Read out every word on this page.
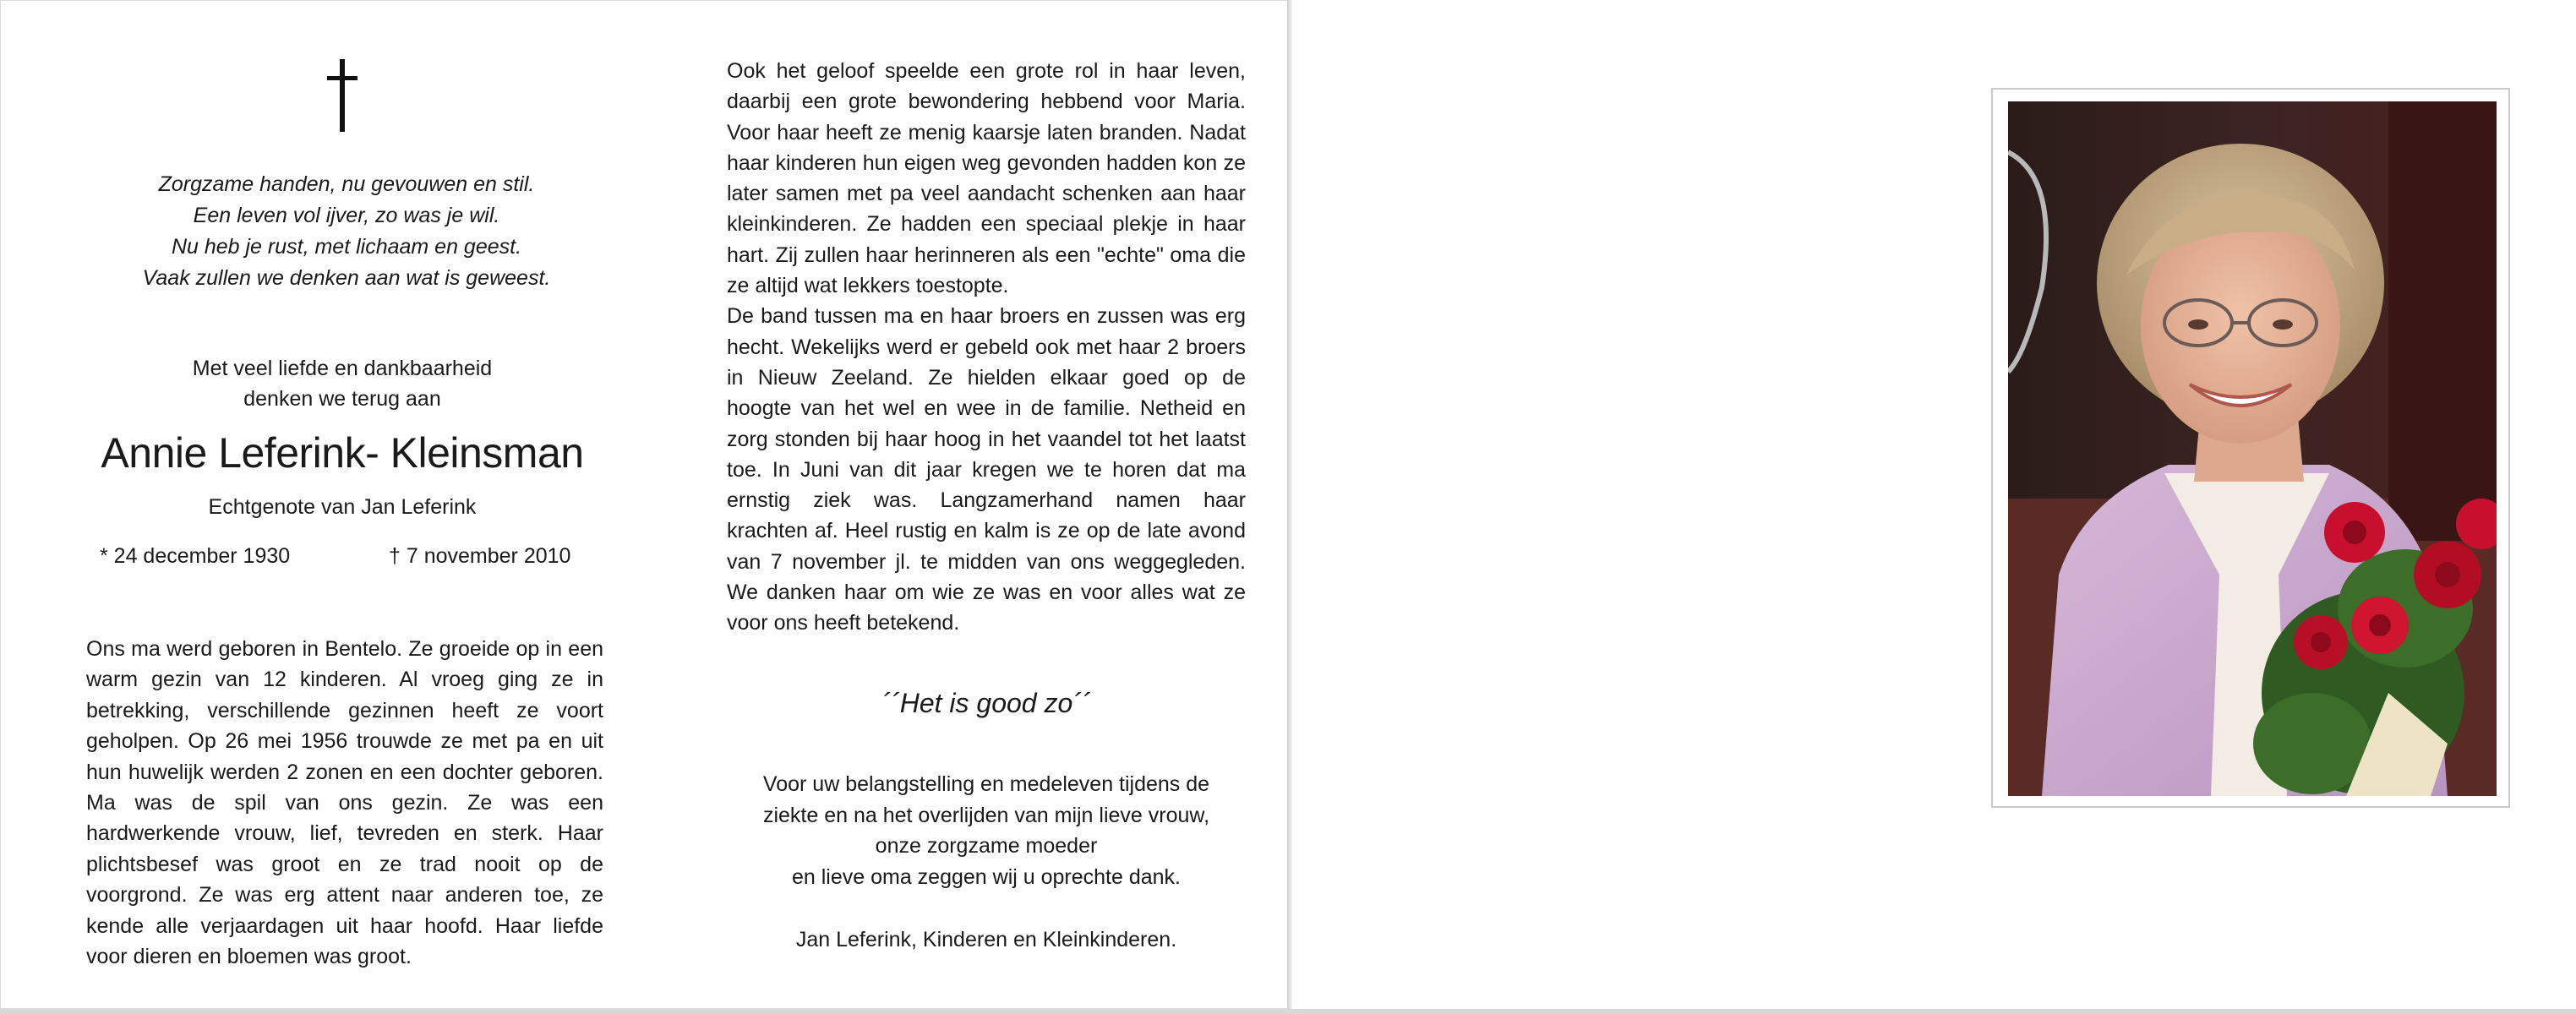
Zorgzame handen, nu gevouwen en stil.
Een leven vol ijver, zo was je wil.
Nu heb je rust, met lichaam en geest.
Vaak zullen we denken aan wat is geweest.
Met veel liefde en dankbaarheid
denken we terug aan
Annie Leferink- Kleinsman
Echtgenote van Jan Leferink
* 24 december 1930	† 7 november 2010
Ons ma werd geboren in Bentelo. Ze groeide op in een warm gezin van 12 kinderen. Al vroeg ging ze in betrekking, verschillende gezinnen heeft ze voort geholpen. Op 26 mei 1956 trouwde ze met pa en uit hun huwelijk werden 2 zonen en een dochter geboren. Ma was de spil van ons gezin. Ze was een hardwerkende vrouw, lief, tevreden en sterk. Haar plichtsbesef was groot en ze trad nooit op de voorgrond. Ze was erg attent naar anderen toe, ze kende alle verjaardagen uit haar hoofd. Haar liefde voor dieren en bloemen was groot.
Ook het geloof speelde een grote rol in haar leven, daarbij een grote bewondering hebbend voor Maria. Voor haar heeft ze menig kaarsje laten branden. Nadat haar kinderen hun eigen weg gevonden hadden kon ze later samen met pa veel aandacht schenken aan haar kleinkinderen. Ze hadden een speciaal plekje in haar hart. Zij zullen haar herinneren als een "echte" oma die ze altijd wat lekkers toestopte.
De band tussen ma en haar broers en zussen was erg hecht. Wekelijks werd er gebeld ook met haar 2 broers in Nieuw Zeeland. Ze hielden elkaar goed op de hoogte van het wel en wee in de familie. Netheid en zorg stonden bij haar hoog in het vaandel tot het laatst toe. In Juni van dit jaar kregen we te horen dat ma ernstig ziek was. Langzamerhand namen haar krachten af. Heel rustig en kalm is ze op de late avond van 7 november jl. te midden van ons weggegleden. We danken haar om wie ze was en voor alles wat ze voor ons heeft betekend.
´´Het is good zo´´
Voor uw belangstelling en medeleven tijdens de
ziekte en na het overlijden van mijn lieve vrouw,
onze zorgzame moeder
en lieve oma zeggen wij u oprechte dank.
Jan Leferink, Kinderen en Kleinkinderen.
